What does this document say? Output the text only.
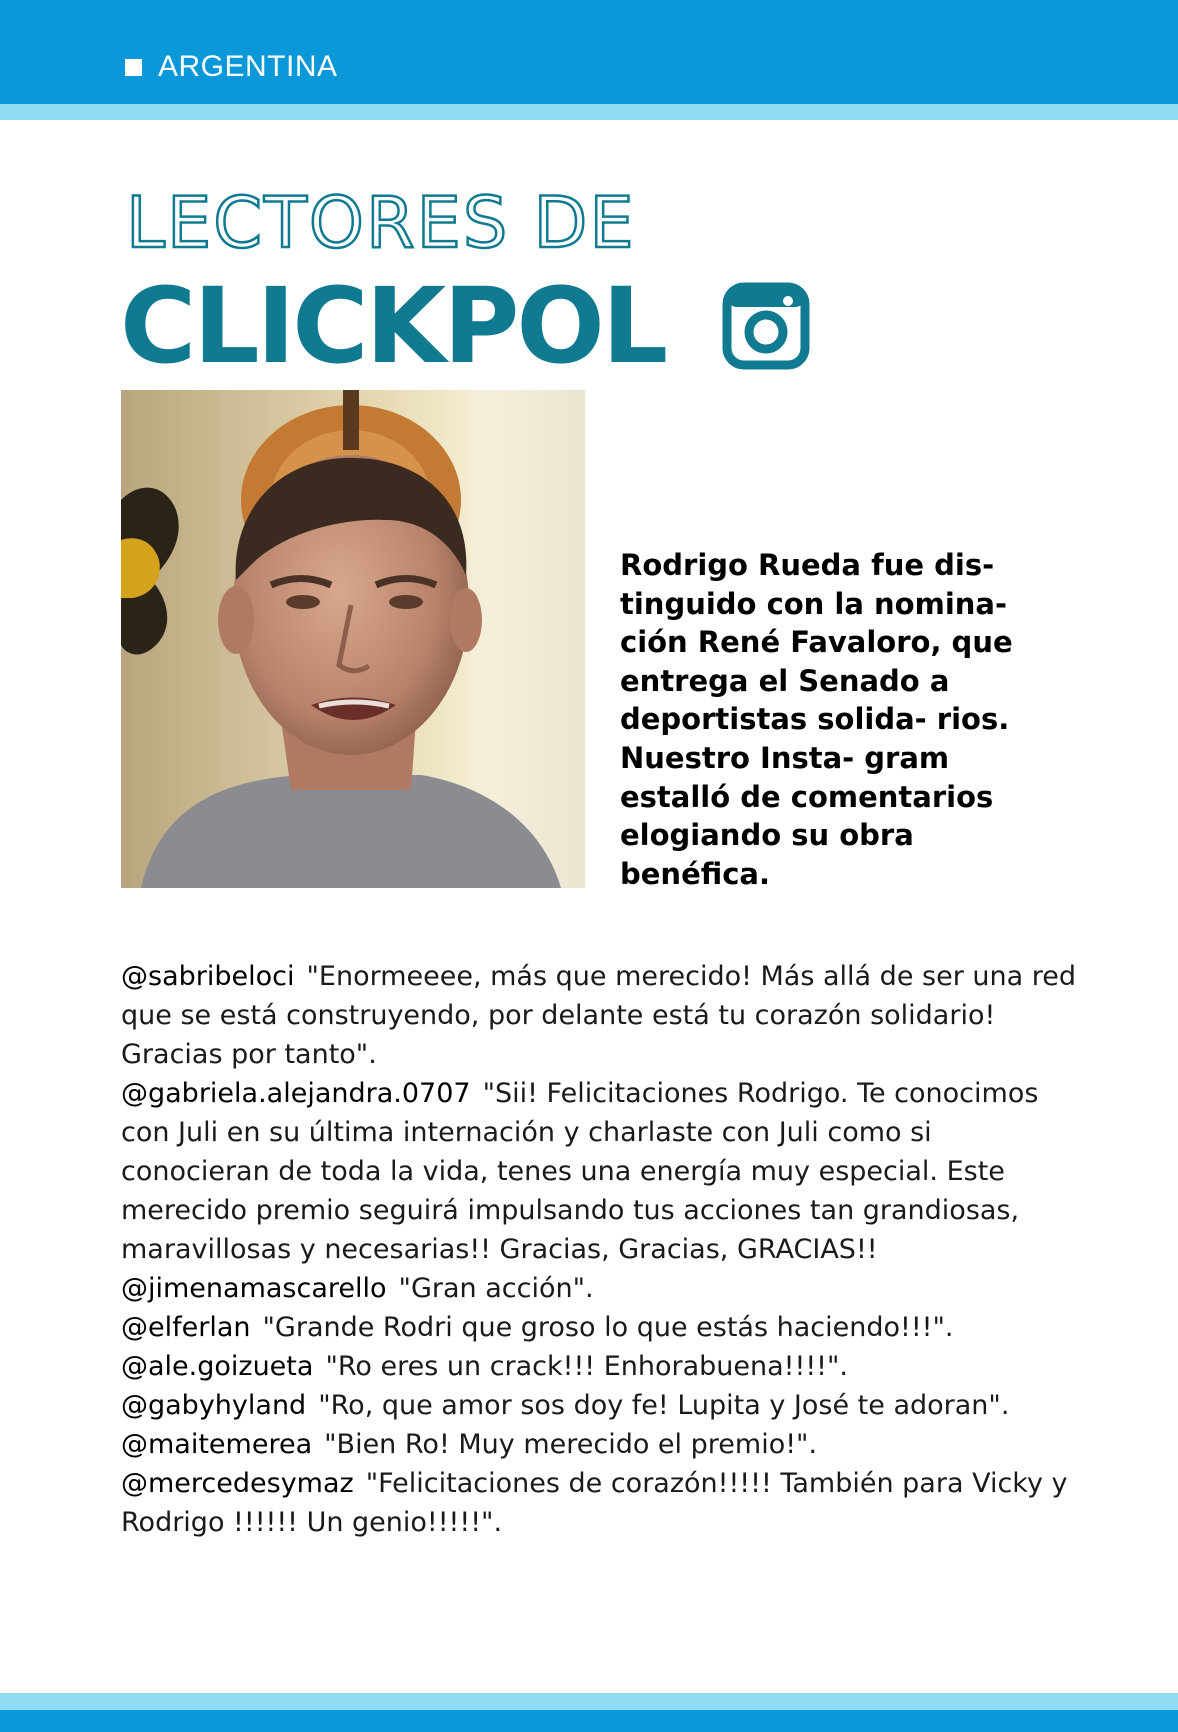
ARGENTINA
LECTORES DE
CLICKPOL

Rodrigo Rueda fue dis- tinguido con la nomina- ción René Favaloro, que entrega el Senado a deportistas solida- rios. Nuestro Insta- gram estalló de comentarios elogiando su obra benéfica.

@sabribeloci "Enormeeee, más que merecido! Más allá de ser una red que se está construyendo, por delante está tu corazón solidario! Gracias por tanto".
@gabriela.alejandra.0707 "Sii! Felicitaciones Rodrigo. Te conocimos con Juli en su última internación y charlaste con Juli como si conocieran de toda la vida, tenes una energía muy especial. Este merecido premio seguirá impulsando tus acciones tan grandiosas, maravillosas y necesarias!! Gracias, Gracias, GRACIAS!!
@jimenamascarello "Gran acción".
@elferlan "Grande Rodri que groso lo que estás haciendo!!!".
@ale.goizueta "Ro eres un crack!!! Enhorabuena!!!!".
@gabyhyland "Ro, que amor sos doy fe! Lupita y José te adoran".
@maitemerea "Bien Ro! Muy merecido el premio!".
@mercedesymaz "Felicitaciones de corazón!!!!! También para Vicky y Rodrigo !!!!!! Un genio!!!!!".
